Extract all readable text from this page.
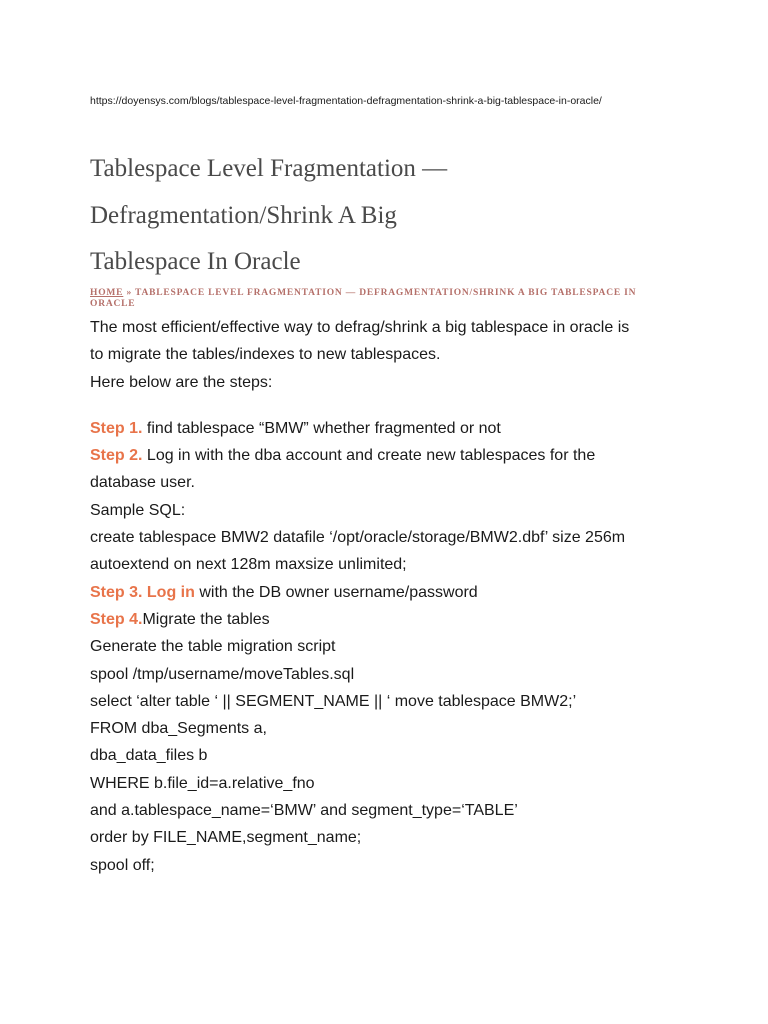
https://doyensys.com/blogs/tablespace-level-fragmentation-defragmentation-shrink-a-big-tablespace-in-oracle/
Tablespace Level Fragmentation —
Defragmentation/Shrink A Big
Tablespace In Oracle
HOME » TABLESPACE LEVEL FRAGMENTATION — DEFRAGMENTATION/SHRINK A BIG TABLESPACE IN ORACLE
The most efficient/effective way to defrag/shrink a big tablespace in oracle is
to migrate the tables/indexes to new tablespaces.
Here below are the steps:
Step 1. find tablespace “BMW” whether fragmented or not
Step 2. Log in with the dba account and create new tablespaces for the
database user.
Sample SQL:
create tablespace BMW2 datafile ‘/opt/oracle/storage/BMW2.dbf’ size 256m
autoextend on next 128m maxsize unlimited;
Step 3. Log in with the DB owner username/password
Step 4.Migrate the tables
Generate the table migration script
spool /tmp/username/moveTables.sql
select ‘alter table ‘ || SEGMENT_NAME || ‘ move tablespace BMW2;’
FROM dba_Segments a,
dba_data_files b
WHERE b.file_id=a.relative_fno
and a.tablespace_name=‘BMW’ and segment_type=‘TABLE’
order by FILE_NAME,segment_name;
spool off;
